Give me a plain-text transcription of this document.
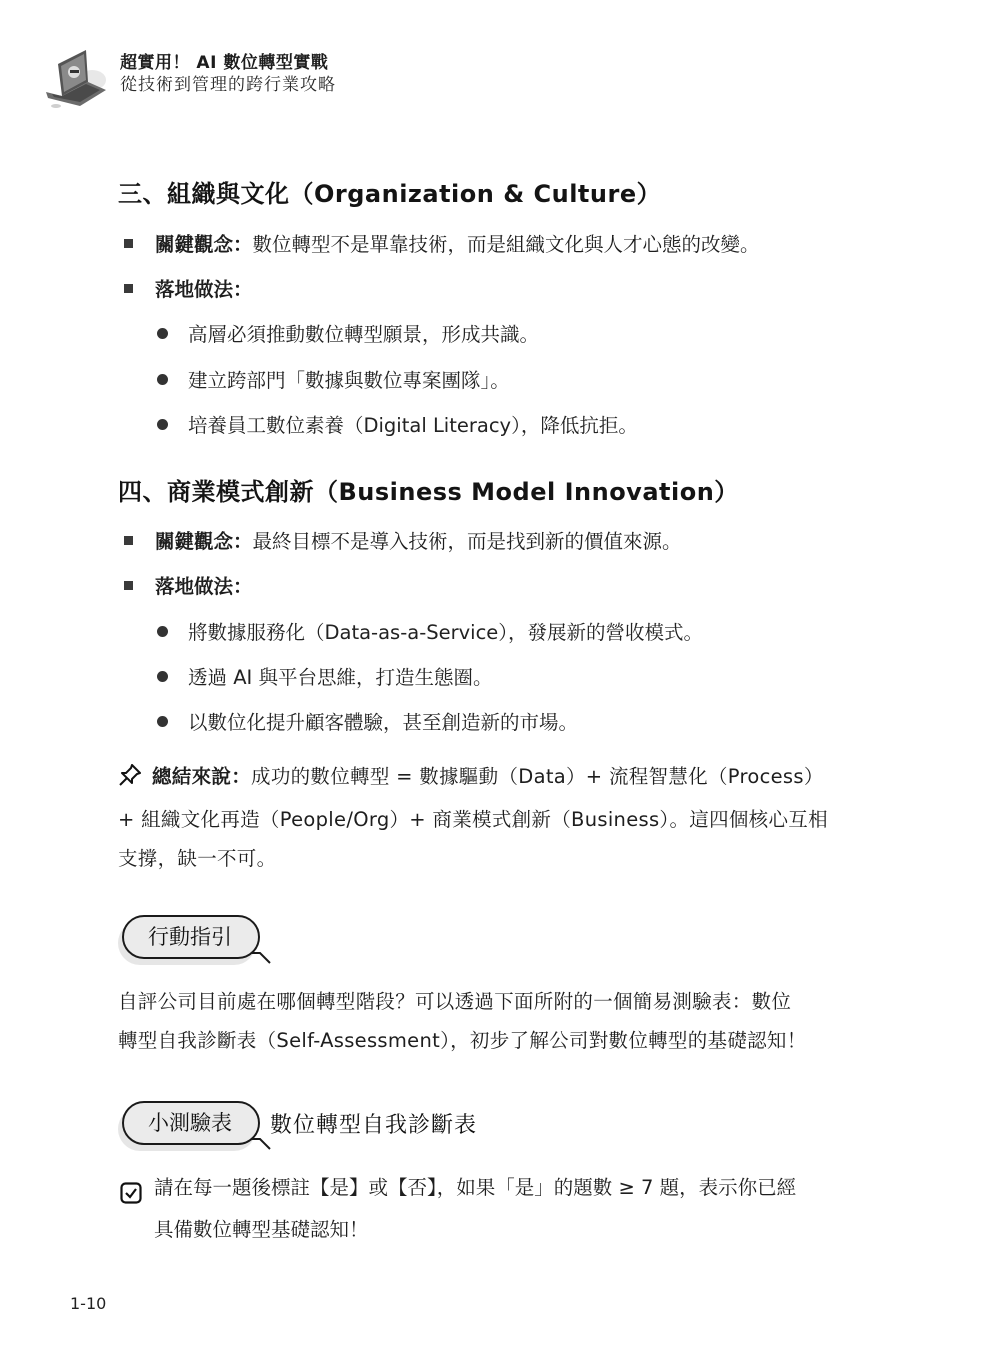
超實用！ AI 數位轉型實戰
從技術到管理的跨行業攻略
三、組織與文化（Organization & Culture）
關鍵觀念： 數位轉型不是單靠技術，而是組織文化與人才心態的改變。
落地做法：
高層必須推動數位轉型願景，形成共識。
建立跨部門「數據與數位專案團隊」。
培養員工數位素養（Digital Literacy），降低抗拒。
四、商業模式創新（Business Model Innovation）
關鍵觀念： 最終目標不是導入技術，而是找到新的價值來源。
落地做法：
將數據服務化（Data-as-a-Service），發展新的營收模式。
透過 AI 與平台思維，打造生態圈。
以數位化提升顧客體驗，甚至創造新的市場。
總結來說：成功的數位轉型 = 數據驅動（Data）+ 流程智慧化（Process）
+ 組織文化再造（People/Org）+ 商業模式創新（Business）。這四個核心互相
支撐，缺一不可。
行動指引
自評公司目前處在哪個轉型階段？可以透過下面所附的一個簡易測驗表：數位
轉型自我診斷表（Self-Assessment），初步了解公司對數位轉型的基礎認知！
小測驗表	數位轉型自我診斷表
請在每一題後標註【是】或【否】，如果「是」的題數 ≥ 7 題，表示你已經
具備數位轉型基礎認知！
1-10
